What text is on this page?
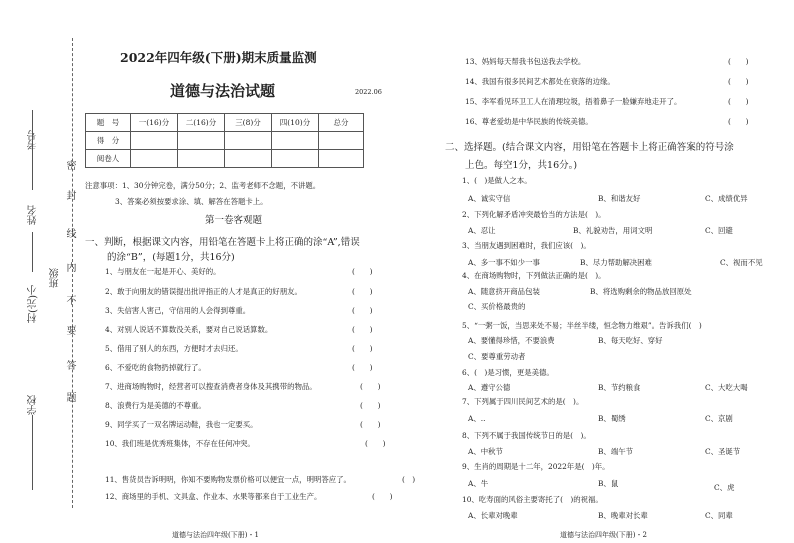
考号
姓名
村(完)小
学校
班级
密
封
线
内
不
要
答
题
2022年四年级(下册)期末质量监测
道德与法治试题	2022.06
题　号	一(16)分	二(16)分	三(8)分	四(10)分	总分
得　分					
阅卷人					
注意事项：1、30分钟完卷，满分50分；2、监考老师不念题，不讲题。
3、答案必须按要求涂、填、解答在答题卡上。
第一卷客观题
一、判断，根据课文内容，用铅笔在答题卡上将正确的涂“A”,错误
的涂“B”，(每题1分，共16分)
1、与朋友在一起是开心、美好的。	(　　)
2、敢于向朋友的错误提出批评指正的人才是真正的好朋友。	(　　)
3、失信害人害己，守信用的人会得到尊重。	(　　)
4、对别人说话不算数没关系，要对自己说话算数。	(　　)
5、借用了别人的东西，方便时才去归还。	(　　)
6、不爱吃的食物扔掉就行了。	(　　)
7、进商场购物时，经营者可以搜查消费者身体及其携带的物品。	(　　)
8、浪费行为是美德的不尊重。	(　　)
9、同学买了一双名牌运动鞋，我也一定要买。	(　　)
10、我们班是优秀班集体，不存在任何冲突。	(　　)
11、售货员告诉明明，你知不要购物发票价格可以便宜一点，明明答应了。	(　)
12、商场里的手机、文具盒、作业本、水果等都来自于工业生产。	(　　)
道德与法治四年级(下册)・1
13、妈妈每天帮我书包送我去学校。	(　　)
14、我国有很多民间艺术都处在衰落的边缘。	(　　)
15、李军看见环卫工人在清理垃圾，捂着鼻子一脸嫌弃地走开了。	(　　)
16、尊老爱幼是中华民族的传统美德。	(　　)
二、选择题。(结合课文内容，用铅笔在答题卡上将正确答案的符号涂
上色。每空1分，共16分。)
1、(　)是做人之本。
A、诚实守信	B、和谐友好	C、成绩优异
2、下列化解矛盾冲突最恰当的方法是(　)。
A、忍让	B、礼貌劝告，用词文明	C、回避
3、当朋友遇到困难时，我们应该(　)。
A、多一事不如少一事	B、尽力帮助解决困难	C、视而不见
4、在商场购物时，下列做法正确的是(　)。
A、随意挤开商品包装	B、将选购剩余的物品放回原处
C、买价格最贵的
5、“一粥一饭，当思来处不易；半丝半缕，恒念物力维艰”。告诉我们(　)
A、要懂得珍惜，不要浪费	B、每天吃好、穿好
C、要尊重劳动者
6、(　)是习惯，更是美德。
A、遵守公德	B、节约粮食	C、大吃大喝
7、下列属于四川民间艺术的是(　)。
A、..	B、蜀绣	C、京剧
8、下列不属于我国传统节日的是(　)。
A、中秋节	B、端午节	C、圣诞节
9、生肖的周期是十二年，2022年是(　)年。
A、牛	B、鼠	C、虎
10、吃寿面的风俗主要寄托了(　)的祝福。
A、长辈对晚辈	B、晚辈对长辈	C、同辈
道德与法治四年级(下册)・2
